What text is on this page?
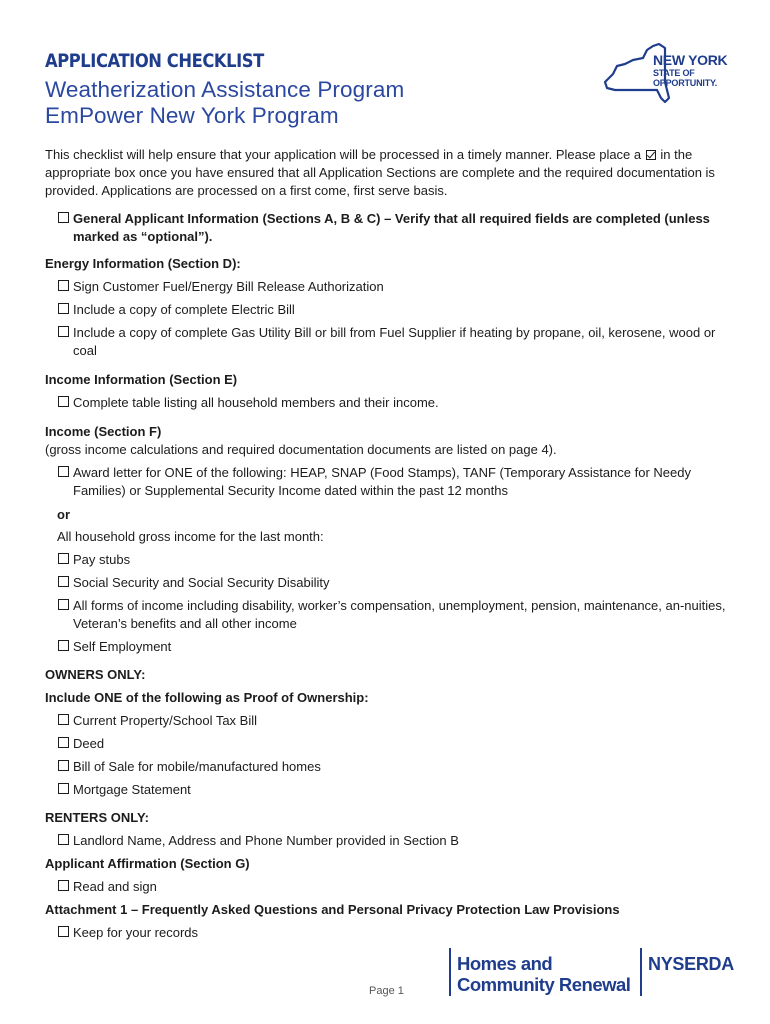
APPLICATION CHECKLIST
Weatherization Assistance Program
EmPower New York Program
NEW YORK
STATE OF
OPPORTUNITY.

This checklist will help ensure that your application will be processed in a timely manner. Please place a in the appropriate box once you have ensured that all Application Sections are complete and the required documentation is provided. Applications are processed on a first come, first serve basis.

General Applicant Information (Sections A, B & C) – Verify that all required fields are completed (unless marked as “optional”).
Energy Information (Section D):
Sign Customer Fuel/Energy Bill Release Authorization
Include a copy of complete Electric Bill
Include a copy of complete Gas Utility Bill or bill from Fuel Supplier if heating by propane, oil, kerosene, wood or coal
Income Information (Section E)
Complete table listing all household members and their income.
Income (Section F)
(gross income calculations and required documentation documents are listed on page 4).
Award letter for ONE of the following: HEAP, SNAP (Food Stamps), TANF (Temporary Assistance for Needy Families) or Supplemental Security Income dated within the past 12 months
or
All household gross income for the last month:
Pay stubs
Social Security and Social Security Disability
All forms of income including disability, worker’s compensation, unemployment, pension, maintenance, an-nuities, Veteran’s benefits and all other income
Self Employment
OWNERS ONLY:
Include ONE of the following as Proof of Ownership:
Current Property/School Tax Bill
Deed
Bill of Sale for mobile/manufactured homes
Mortgage Statement
RENTERS ONLY:
Landlord Name, Address and Phone Number provided in Section B
Applicant Affirmation (Section G)
Read and sign
Attachment 1 – Frequently Asked Questions and Personal Privacy Protection Law Provisions
Keep for your records
Page 1
Homes and
Community Renewal
NYSERDA
